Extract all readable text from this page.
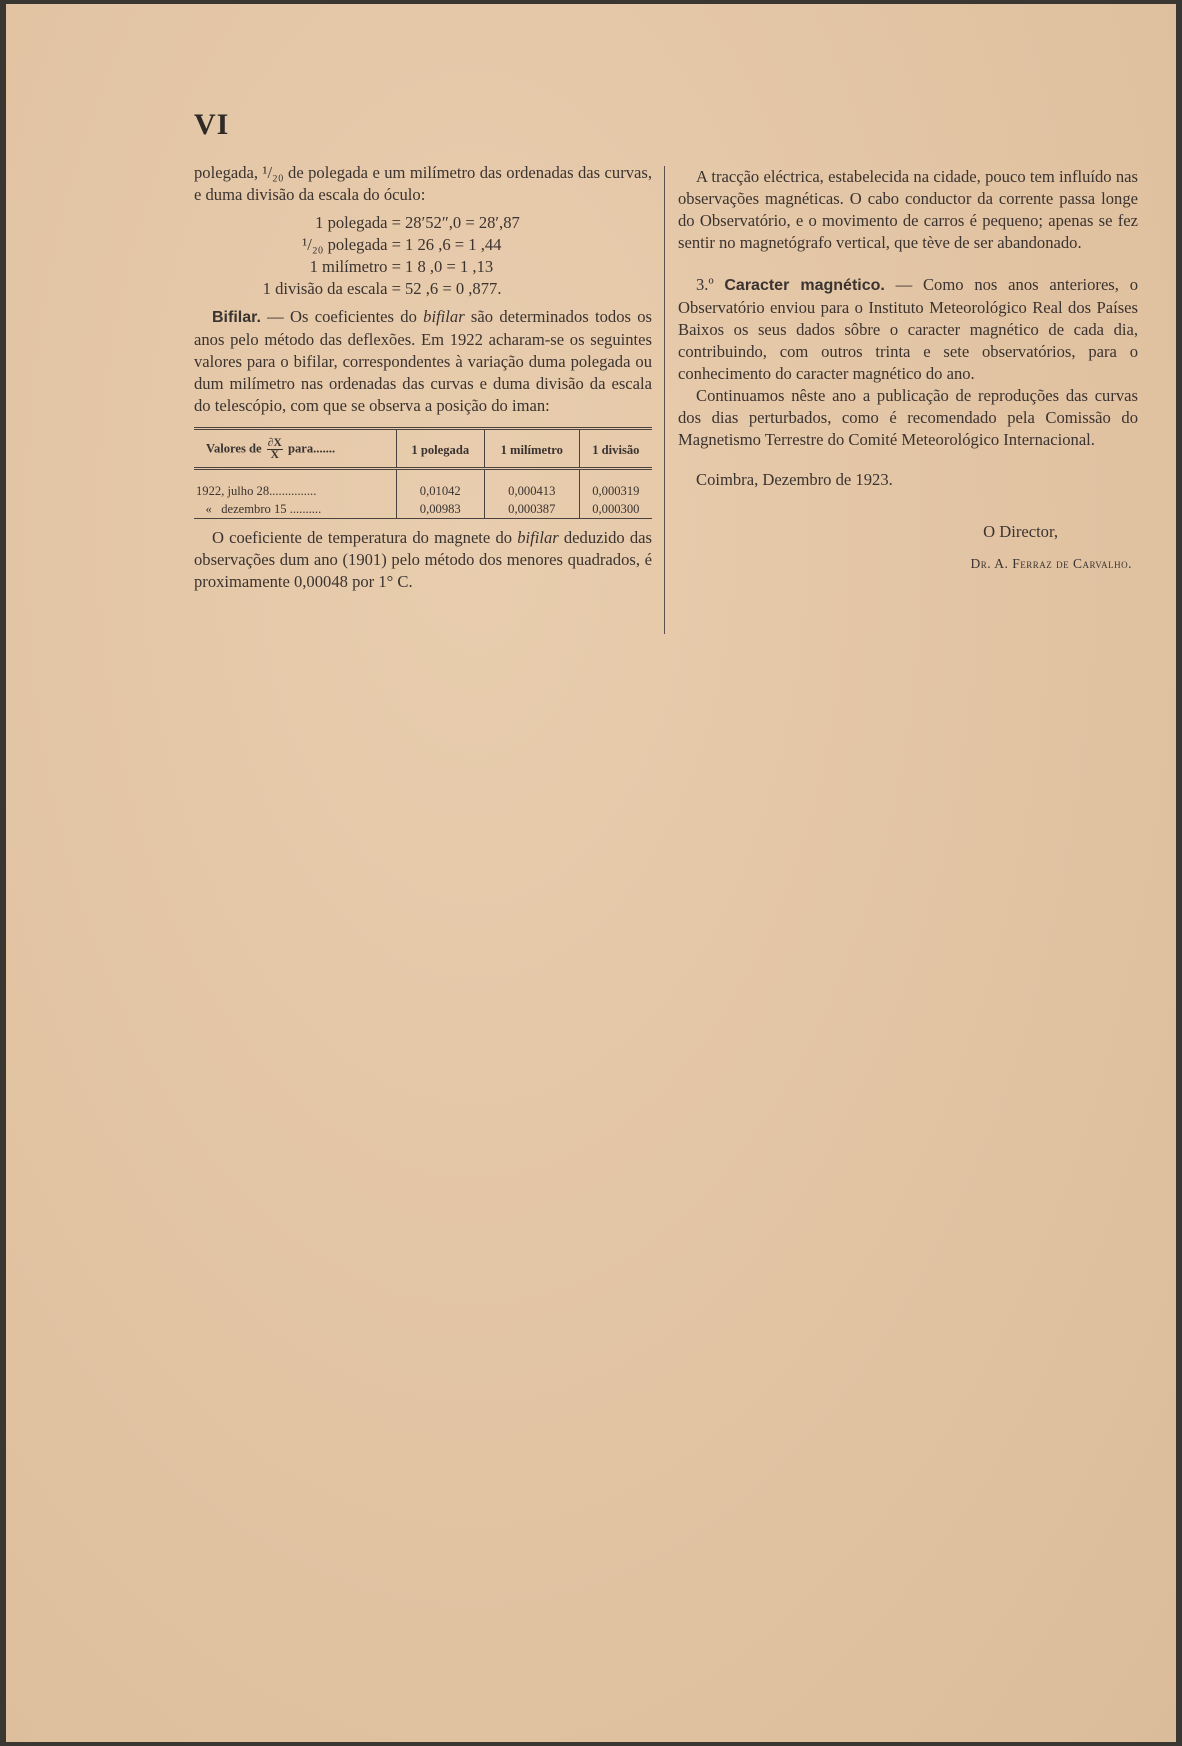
VI

polegada, ¹/₂₀ de polegada e um milímetro das ordenadas das curvas, e duma divisão da escala do óculo:

1 polegada = 28′52″,0 = 28′,87
¹/₂₀ polegada = 1 26 ,6 = 1 ,44
1 milímetro = 1 8 ,0 = 1 ,13
1 divisão da escala = 52 ,6 = 0 ,877.

Bifilar. — Os coeficientes do bifilar são determinados todos os anos pelo método das deflexões. Em 1922 acharam-se os seguintes valores para o bifilar, correspondentes à variação duma polegada ou dum milímetro nas ordenadas das curvas e duma divisão da escala do telescópio, com que se observa a posição do iman:

Valores de $\frac{\partial X}{X}$ para.......	1 polegada	1 milímetro	1 divisão

1922, julho 28...............	0,01042	0,000413	0,000319
«   dezembro 15 ..........	0,00983	0,000387	0,000300

O coeficiente de temperatura do magnete do bifilar deduzido das observações dum ano (1901) pelo método dos menores quadrados, é proximamente 0,00048 por 1° C.

A tracção eléctrica, estabelecida na cidade, pouco tem influído nas observações magnéticas. O cabo conductor da corrente passa longe do Observatório, e o movimento de carros é pequeno; apenas se fez sentir no magnetógrafo vertical, que tève de ser abandonado.

3.º Caracter magnético. — Como nos anos anteriores, o Observatório enviou para o Instituto Meteorológico Real dos Países Baixos os seus dados sôbre o caracter magnético de cada dia, contribuindo, com outros trinta e sete observatórios, para o conhecimento do caracter magnético do ano.

Continuamos nêste ano a publicação de reproduções das curvas dos dias perturbados, como é recomendado pela Comissão do Magnetismo Terrestre do Comité Meteorológico Internacional.

Coimbra, Dezembro de 1923.

O Director,

Dr. A. Ferraz de Carvalho.
